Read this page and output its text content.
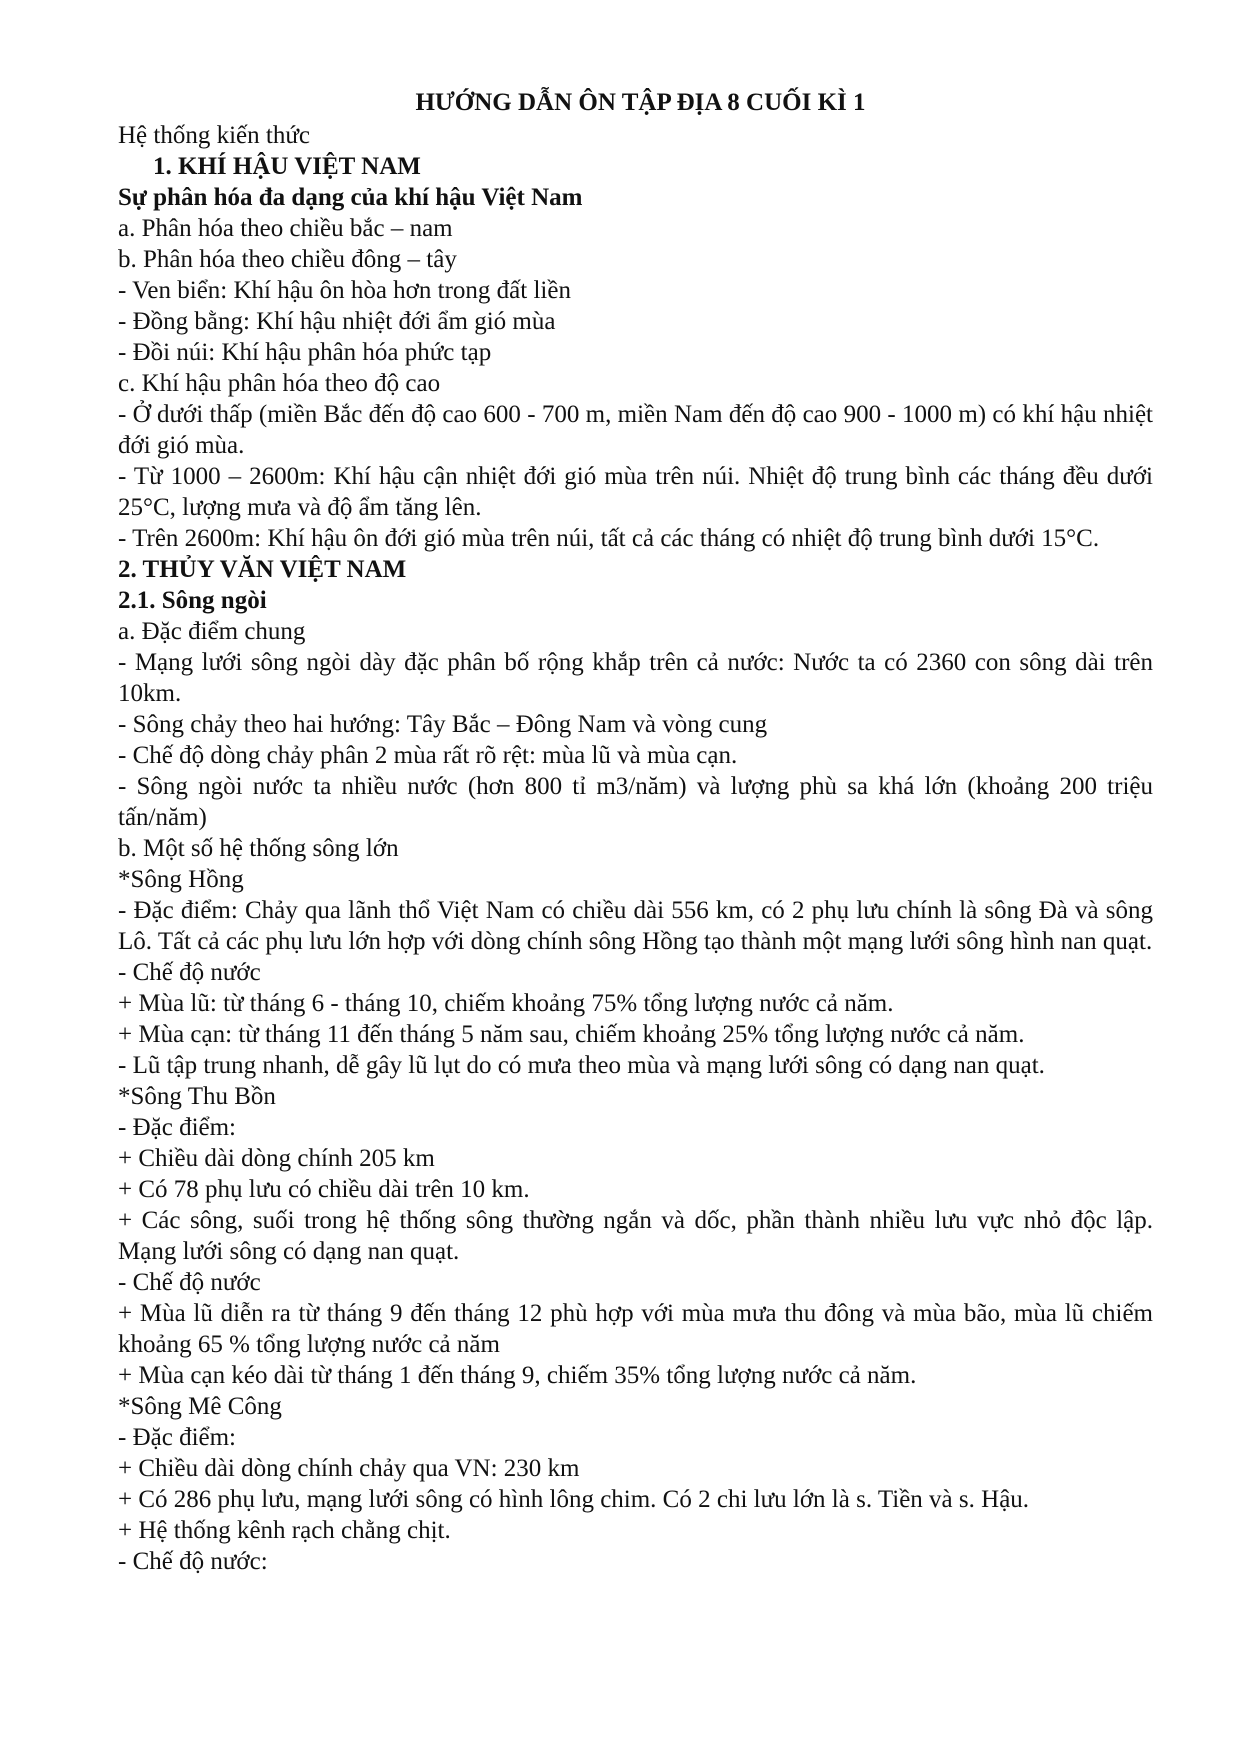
HƯỚNG DẪN ÔN TẬP ĐỊA 8 CUỐI KÌ 1

Hệ thống kiến thức

1. KHÍ HẬU VIỆT NAM

Sự phân hóa đa dạng của khí hậu Việt Nam

a. Phân hóa theo chiều bắc – nam

b. Phân hóa theo chiều đông – tây

- Ven biển: Khí hậu ôn hòa hơn trong đất liền

- Đồng bằng: Khí hậu nhiệt đới ẩm gió mùa

- Đồi núi: Khí hậu phân hóa phức tạp

c. Khí hậu phân hóa theo độ cao

- Ở dưới thấp (miền Bắc đến độ cao 600 - 700 m, miền Nam đến độ cao 900 - 1000 m) có khí hậu nhiệt đới gió mùa.

- Từ 1000 – 2600m: Khí hậu cận nhiệt đới gió mùa trên núi. Nhiệt độ trung bình các tháng đều dưới 25°C, lượng mưa và độ ẩm tăng lên.

- Trên 2600m: Khí hậu ôn đới gió mùa trên núi, tất cả các tháng có nhiệt độ trung bình dưới 15°C.

2. THỦY VĂN VIỆT NAM

2.1. Sông ngòi

a. Đặc điểm chung

- Mạng lưới sông ngòi dày đặc phân bố rộng khắp trên cả nước: Nước ta có 2360 con sông dài trên 10km.

- Sông chảy theo hai hướng: Tây Bắc – Đông Nam và vòng cung

- Chế độ dòng chảy phân 2 mùa rất rõ rệt: mùa lũ và mùa cạn.

- Sông ngòi nước ta nhiều nước (hơn 800 tỉ m3/năm) và lượng phù sa khá lớn (khoảng 200 triệu tấn/năm)

b. Một số hệ thống sông lớn

*Sông Hồng

- Đặc điểm: Chảy qua lãnh thổ Việt Nam có chiều dài 556 km, có 2 phụ lưu chính là sông Đà và sông Lô. Tất cả các phụ lưu lớn hợp với dòng chính sông Hồng tạo thành một mạng lưới sông hình nan quạt.

- Chế độ nước

+ Mùa lũ: từ tháng 6 - tháng 10, chiếm khoảng 75% tổng lượng nước cả năm.

+ Mùa cạn: từ tháng 11 đến tháng 5 năm sau, chiếm khoảng 25% tổng lượng nước cả năm.

- Lũ tập trung nhanh, dễ gây lũ lụt do có mưa theo mùa và mạng lưới sông có dạng nan quạt.

*Sông Thu Bồn

- Đặc điểm:

+ Chiều dài dòng chính 205 km

+ Có 78 phụ lưu có chiều dài trên 10 km.

+ Các sông, suối trong hệ thống sông thường ngắn và dốc, phần thành nhiều lưu vực nhỏ độc lập. Mạng lưới sông có dạng nan quạt.

- Chế độ nước

+ Mùa lũ diễn ra từ tháng 9 đến tháng 12 phù hợp với mùa mưa thu đông và mùa bão, mùa lũ chiếm khoảng 65 % tổng lượng nước cả năm

+ Mùa cạn kéo dài từ tháng 1 đến tháng 9, chiếm 35% tổng lượng nước cả năm.

*Sông Mê Công

- Đặc điểm:

+ Chiều dài dòng chính chảy qua VN: 230 km

+ Có 286 phụ lưu, mạng lưới sông có hình lông chim. Có 2 chi lưu lớn là s. Tiền và s. Hậu.

+ Hệ thống kênh rạch chằng chịt.

- Chế độ nước:
